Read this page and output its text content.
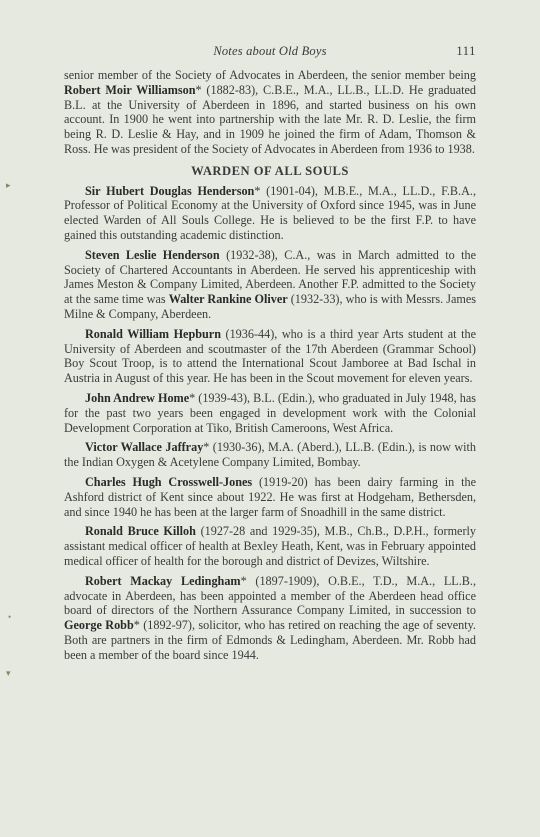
Notes about Old Boys	111
▸
•
▾

senior member of the Society of Advocates in Aberdeen, the senior member being Robert Moir Williamson* (1882-83), C.B.E., M.A., LL.B., LL.D. He graduated B.L. at the University of Aberdeen in 1896, and started business on his own account. In 1900 he went into partnership with the late Mr. R. D. Leslie, the firm being R. D. Leslie & Hay, and in 1909 he joined the firm of Adam, Thomson & Ross. He was president of the Society of Advocates in Aberdeen from 1936 to 1938.

WARDEN OF ALL SOULS

Sir Hubert Douglas Henderson* (1901-04), M.B.E., M.A., LL.D., F.B.A., Professor of Political Economy at the University of Oxford since 1945, was in June elected Warden of All Souls College. He is believed to be the first F.P. to have gained this outstanding academic distinction.

Steven Leslie Henderson (1932-38), C.A., was in March admitted to the Society of Chartered Accountants in Aberdeen. He served his apprenticeship with James Meston & Company Limited, Aberdeen. Another F.P. admitted to the Society at the same time was Walter Rankine Oliver (1932-33), who is with Messrs. James Milne & Company, Aberdeen.

Ronald William Hepburn (1936-44), who is a third year Arts student at the University of Aberdeen and scoutmaster of the 17th Aberdeen (Grammar School) Boy Scout Troop, is to attend the International Scout Jamboree at Bad Ischal in Austria in August of this year. He has been in the Scout movement for eleven years.

John Andrew Home* (1939-43), B.L. (Edin.), who graduated in July 1948, has for the past two years been engaged in development work with the Colonial Development Corporation at Tiko, British Cameroons, West Africa.

Victor Wallace Jaffray* (1930-36), M.A. (Aberd.), LL.B. (Edin.), is now with the Indian Oxygen & Acetylene Company Limited, Bombay.

Charles Hugh Crosswell-Jones (1919-20) has been dairy farming in the Ashford district of Kent since about 1922. He was first at Hodgeham, Bethersden, and since 1940 he has been at the larger farm of Snoadhill in the same district.

Ronald Bruce Killoh (1927-28 and 1929-35), M.B., Ch.B., D.P.H., formerly assistant medical officer of health at Bexley Heath, Kent, was in February appointed medical officer of health for the borough and district of Devizes, Wiltshire.

Robert Mackay Ledingham* (1897-1909), O.B.E., T.D., M.A., LL.B., advocate in Aberdeen, has been appointed a member of the Aberdeen head office board of directors of the Northern Assurance Company Limited, in succession to George Robb* (1892-97), solicitor, who has retired on reaching the age of seventy. Both are partners in the firm of Edmonds & Ledingham, Aberdeen. Mr. Robb had been a member of the board since 1944.
